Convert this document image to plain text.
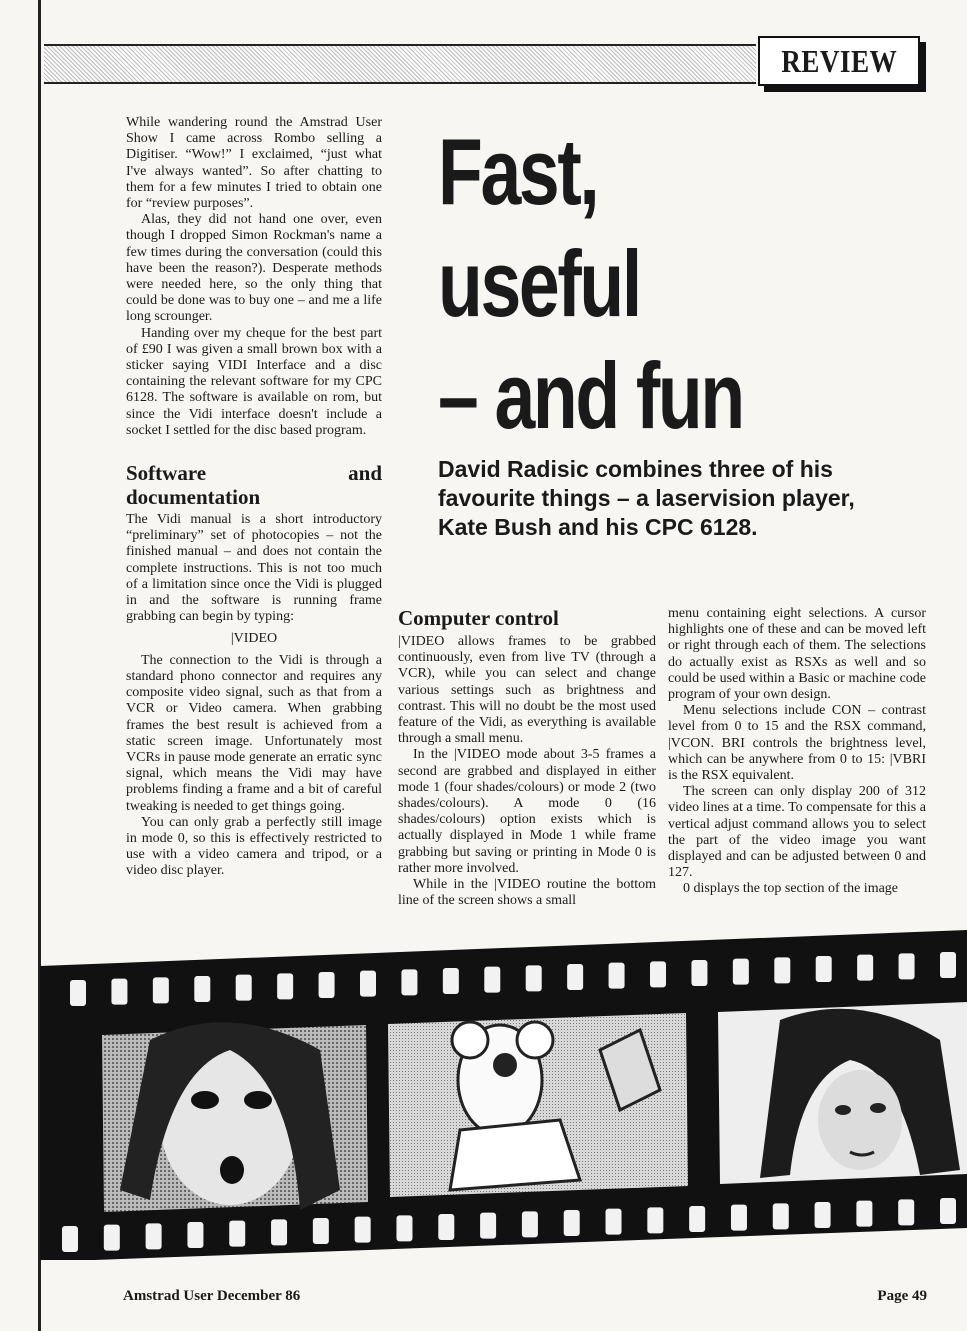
REVIEW

While wandering round the Amstrad User Show I came across Rombo selling a Digitiser. “Wow!” I exclaimed, “just what I've always wanted”. So after chatting to them for a few minutes I tried to obtain one for “review purposes”.

Alas, they did not hand one over, even though I dropped Simon Rockman's name a few times during the conversation (could this have been the reason?). Desperate methods were needed here, so the only thing that could be done was to buy one – and me a life long scrounger.

Handing over my cheque for the best part of £90 I was given a small brown box with a sticker saying VIDI Interface and a disc containing the relevant software for my CPC 6128. The software is available on rom, but since the Vidi interface doesn't include a socket I settled for the disc based program.

Software and documentation

The Vidi manual is a short introductory “preliminary” set of photocopies – not the finished manual – and does not contain the complete instructions. This is not too much of a limitation since once the Vidi is plugged in and the software is running frame grabbing can begin by typing:

|VIDEO

The connection to the Vidi is through a standard phono connector and requires any composite video signal, such as that from a VCR or Video camera. When grabbing frames the best result is achieved from a static screen image. Unfortunately most VCRs in pause mode generate an erratic sync signal, which means the Vidi may have problems finding a frame and a bit of careful tweaking is needed to get things going.

You can only grab a perfectly still image in mode 0, so this is effectively restricted to use with a video camera and tripod, or a video disc player.

Fast,
useful
– and fun
David Radisic combines three of his favourite things – a laservision player, Kate Bush and his CPC 6128.
Computer control

|VIDEO allows frames to be grabbed continuously, even from live TV (through a VCR), while you can select and change various settings such as brightness and contrast. This will no doubt be the most used feature of the Vidi, as everything is available through a small menu.

In the |VIDEO mode about 3-5 frames a second are grabbed and displayed in either mode 1 (four shades/colours) or mode 2 (two shades/colours). A mode 0 (16 shades/colours) option exists which is actually displayed in Mode 1 while frame grabbing but saving or printing in Mode 0 is rather more involved.

While in the |VIDEO routine the bottom line of the screen shows a small

menu containing eight selections. A cursor highlights one of these and can be moved left or right through each of them. The selections do actually exist as RSXs as well and so could be used within a Basic or machine code program of your own design.

Menu selections include CON – contrast level from 0 to 15 and the RSX command, |VCON. BRI controls the brightness level, which can be anywhere from 0 to 15: |VBRI is the RSX equivalent.

The screen can only display 200 of 312 video lines at a time. To compensate for this a vertical adjust command allows you to select the part of the video image you want displayed and can be adjusted between 0 and 127.

0 displays the top section of the image

Amstrad User December 86	Page 49
